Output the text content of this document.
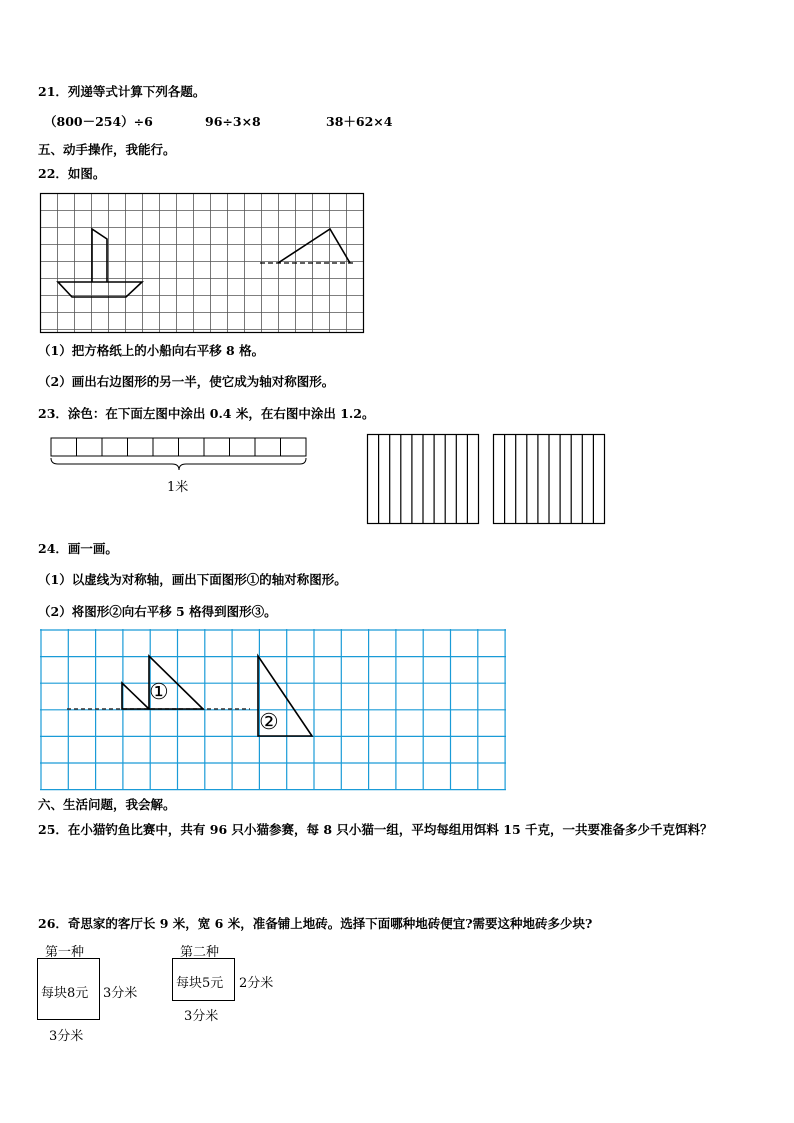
21．列递等式计算下列各题。
（800－254）÷6	96÷3×8	38＋62×4
五、动手操作，我能行。
22．如图。
（1）把方格纸上的小船向右平移 8 格。
（2）画出右边图形的另一半，使它成为轴对称图形。
23．涂色：在下面左图中涂出 0.4 米，在右图中涂出 1.2。
1米
24．画一画。
（1）以虚线为对称轴，画出下面图形①的轴对称图形。
（2）将图形②向右平移 5 格得到图形③。
①
②
六、生活问题，我会解。
25．在小猫钓鱼比赛中，共有 96 只小猫参赛，每 8 只小猫一组，平均每组用饵料 15 千克，一共要准备多少千克饵料？
26．奇思家的客厅长 9 米，宽 6 米，准备铺上地砖。选择下面哪种地砖便宜?需要这种地砖多少块?
第一种
每块8元 3分米
3分米
第二种
每块5元 2分米
3分米
